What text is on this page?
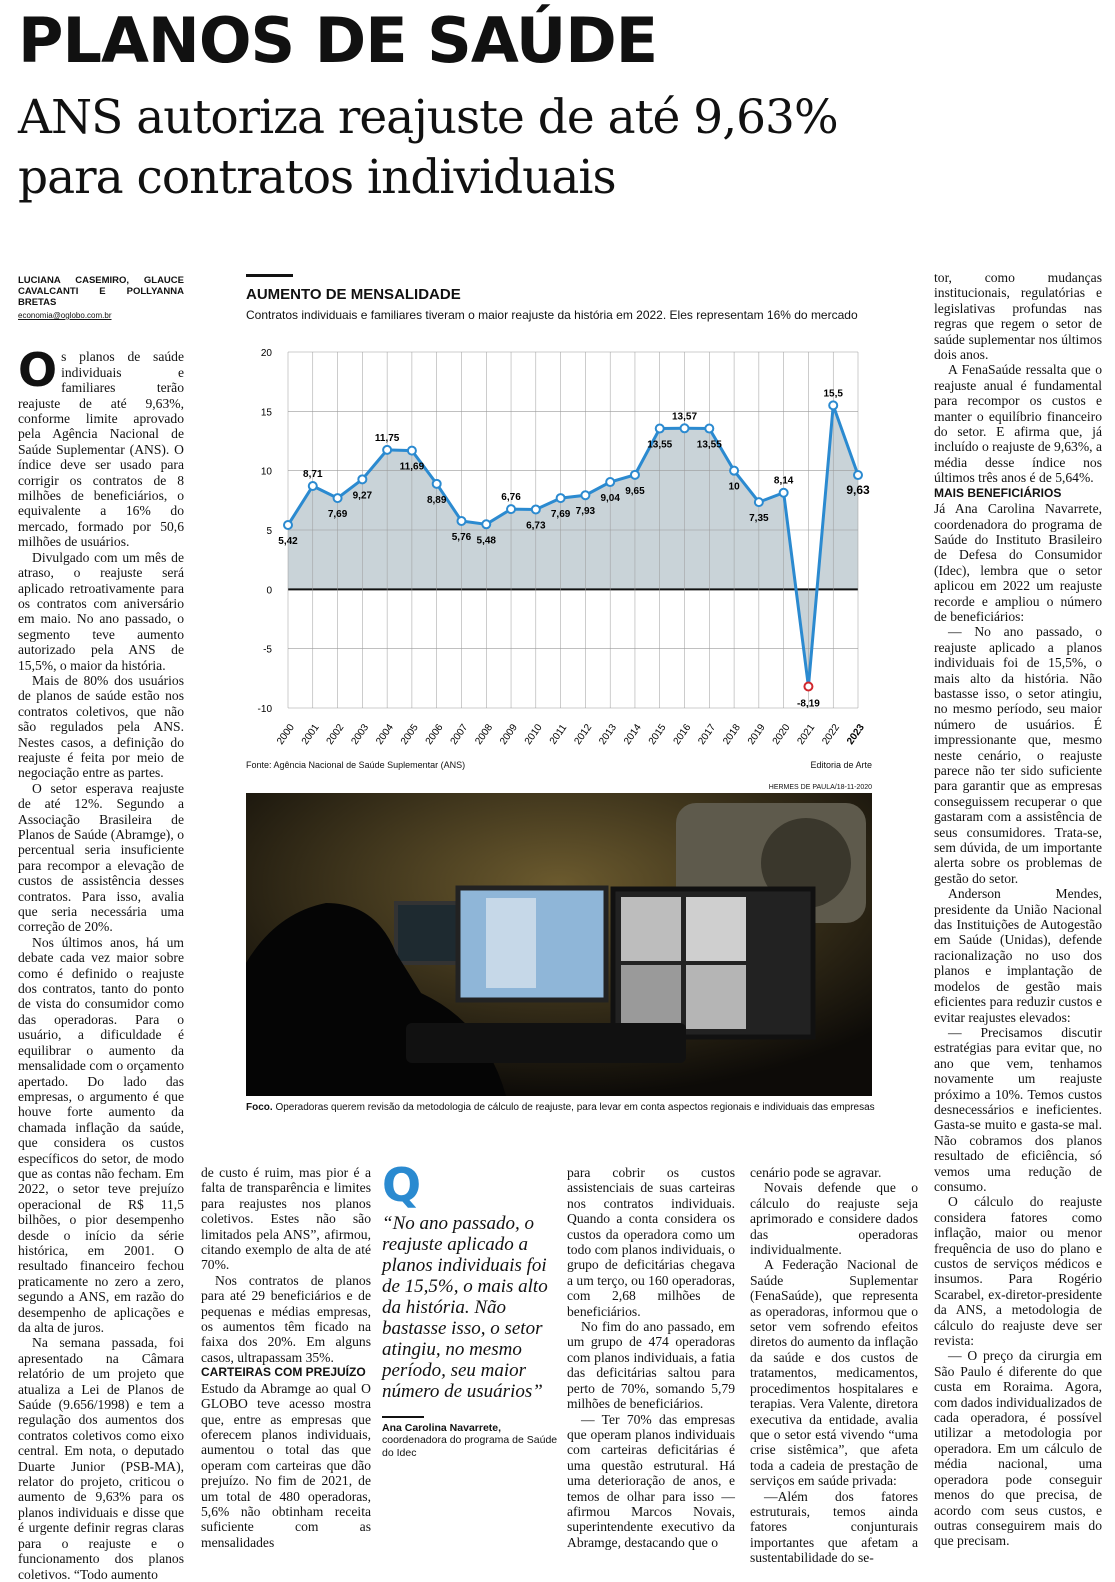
PLANOS DE SAÚDE
ANS autoriza reajuste de até 9,63% para contratos individuais

LUCIANA CASEMIRO, GLAUCE CAVALCANTI E POLLYANNA BRETAS

economia@oglobo.com.br

Os planos de saúde individuais e familiares terão reajuste de até 9,63%, conforme limite aprovado pela Agência Nacional de Saúde Suplementar (ANS). O índice deve ser usado para corrigir os contratos de 8 milhões de beneficiários, o equivalente a 16% do mercado, formado por 50,6 milhões de usuários.

Divulgado com um mês de atraso, o reajuste será aplicado retroativamente para os contratos com aniversário em maio. No ano passado, o segmento teve aumento autorizado pela ANS de 15,5%, o maior da história.

Mais de 80% dos usuários de planos de saúde estão nos contratos coletivos, que não são regulados pela ANS. Nestes casos, a definição do reajuste é feita por meio de negociação entre as partes.

O setor esperava reajuste de até 12%. Segundo a Associação Brasileira de Planos de Saúde (Abramge), o percentual seria insuficiente para recompor a elevação de custos de assistência desses contratos. Para isso, avalia que seria necessária uma correção de 20%.

Nos últimos anos, há um debate cada vez maior sobre como é definido o reajuste dos contratos, tanto do ponto de vista do consumidor como das operadoras. Para o usuário, a dificuldade é equilibrar o aumento da mensalidade com o orçamento apertado. Do lado das empresas, o argumento é que houve forte aumento da chamada inflação da saúde, que considera os custos específicos do setor, de modo que as contas não fecham. Em 2022, o setor teve prejuízo operacional de R$ 11,5 bilhões, o pior desempenho desde o início da série histórica, em 2001. O resultado financeiro fechou praticamente no zero a zero, segundo a ANS, em razão do desempenho de aplicações e da alta de juros.

Na semana passada, foi apresentado na Câmara relatório de um projeto que atualiza a Lei de Planos de Saúde (9.656/1998) e tem a regulação dos aumentos dos contratos coletivos como eixo central. Em nota, o deputado Duarte Junior (PSB-MA), relator do projeto, criticou o aumento de 9,63% para os planos individuais e disse que é urgente definir regras claras para o reajuste e o funcionamento dos planos coletivos. “Todo aumento

AUMENTO DE MENSALIDADE

Contratos individuais e familiares tiveram o maior reajuste da história em 2022. Eles representam 16% do mercado

20
15
10
5
0
-5
-10
5,42
8,71
7,69
9,27
11,75
11,69
8,89
5,76 5,48
6,76
6,73
7,69 7,93
9,04
9,65
13,55
13,57
13,55
10
7,35
8,14
-8,19
15,5
9,63
2000 2001 2002 2003 2004 2005 2006 2007 2008 2009 2010 2011 2012 2013 2014 2015 2016 2017 2018 2019 2020 2021 2022 2023
Fonte: Agência Nacional de Saúde Suplementar (ANS)	Editoria de Arte
HERMES DE PAULA/18-11-2020

Foco. Operadoras querem revisão da metodologia de cálculo de reajuste, para levar em conta aspectos regionais e individuais das empresas

de custo é ruim, mas pior é a falta de transparência e limites para reajustes nos planos coletivos. Estes não são limitados pela ANS”, afirmou, citando exemplo de alta de até 70%.

Nos contratos de planos para até 29 beneficiários e de pequenas e médias empresas, os aumentos têm ficado na faixa dos 20%. Em alguns casos, ultrapassam 35%.

CARTEIRAS COM PREJUÍZO

Estudo da Abramge ao qual O GLOBO teve acesso mostra que, entre as empresas que oferecem planos individuais, aumentou o total das que operam com carteiras que dão prejuízo. No fim de 2021, de um total de 480 operadoras, 5,6% não obtinham receita suficiente com as mensalidades

Q

“No ano passado, o reajuste aplicado a planos individuais foi de 15,5%, o mais alto da história. Não bastasse isso, o setor atingiu, no mesmo período, seu maior número de usuários”

Ana Carolina Navarrete,

coordenadora do programa de Saúde do Idec

para cobrir os custos assistenciais de suas carteiras nos contratos individuais. Quando a conta considera os custos da operadora como um todo com planos individuais, o grupo de deficitárias chegava a um terço, ou 160 operadoras, com 2,68 milhões de beneficiários.

No fim do ano passado, em um grupo de 474 operadoras com planos individuais, a fatia das deficitárias saltou para perto de 70%, somando 5,79 milhões de beneficiários.

— Ter 70% das empresas que operam planos individuais com carteiras deficitárias é uma questão estrutural. Há uma deterioração de anos, e temos de olhar para isso — afirmou Marcos Novais, superintendente executivo da Abramge, destacando que o

cenário pode se agravar.

Novais defende que o cálculo do reajuste seja aprimorado e considere dados das operadoras individualmente.

A Federação Nacional de Saúde Suplementar (FenaSaúde), que representa as operadoras, informou que o setor vem sofrendo efeitos diretos do aumento da inflação da saúde e dos custos de tratamentos, medicamentos, procedimentos hospitalares e terapias. Vera Valente, diretora executiva da entidade, avalia que o setor está vivendo “uma crise sistêmica”, que afeta toda a cadeia de prestação de serviços em saúde privada:

—Além dos fatores estruturais, temos ainda fatores conjunturais importantes que afetam a sustentabilidade do se-

tor, como mudanças institucionais, regulatórias e legislativas profundas nas regras que regem o setor de saúde suplementar nos últimos dois anos.

A FenaSaúde ressalta que o reajuste anual é fundamental para recompor os custos e manter o equilíbrio financeiro do setor. E afirma que, já incluído o reajuste de 9,63%, a média desse índice nos últimos três anos é de 5,64%.

MAIS BENEFICIÁRIOS

Já Ana Carolina Navarrete, coordenadora do programa de Saúde do Instituto Brasileiro de Defesa do Consumidor (Idec), lembra que o setor aplicou em 2022 um reajuste recorde e ampliou o número de beneficiários:

— No ano passado, o reajuste aplicado a planos individuais foi de 15,5%, o mais alto da história. Não bastasse isso, o setor atingiu, no mesmo período, seu maior número de usuários. É impressionante que, mesmo neste cenário, o reajuste parece não ter sido suficiente para garantir que as empresas conseguissem recuperar o que gastaram com a assistência de seus consumidores. Trata-se, sem dúvida, de um importante alerta sobre os problemas de gestão do setor.

Anderson Mendes, presidente da União Nacional das Instituições de Autogestão em Saúde (Unidas), defende racionalização no uso dos planos e implantação de modelos de gestão mais eficientes para reduzir custos e evitar reajustes elevados:

— Precisamos discutir estratégias para evitar que, no ano que vem, tenhamos novamente um reajuste próximo a 10%. Temos custos desnecessários e ineficientes. Gasta-se muito e gasta-se mal. Não cobramos dos planos resultado de eficiência, só vemos uma redução de consumo.

O cálculo do reajuste considera fatores como inflação, maior ou menor frequência de uso do plano e custos de serviços médicos e insumos. Para Rogério Scarabel, ex-diretor-presidente da ANS, a metodologia de cálculo do reajuste deve ser revista:

— O preço da cirurgia em São Paulo é diferente do que custa em Roraima. Agora, com dados individualizados de cada operadora, é possível utilizar a metodologia por operadora. Em um cálculo de média nacional, uma operadora pode conseguir menos do que precisa, de acordo com seus custos, e outras conseguirem mais do que precisam.
